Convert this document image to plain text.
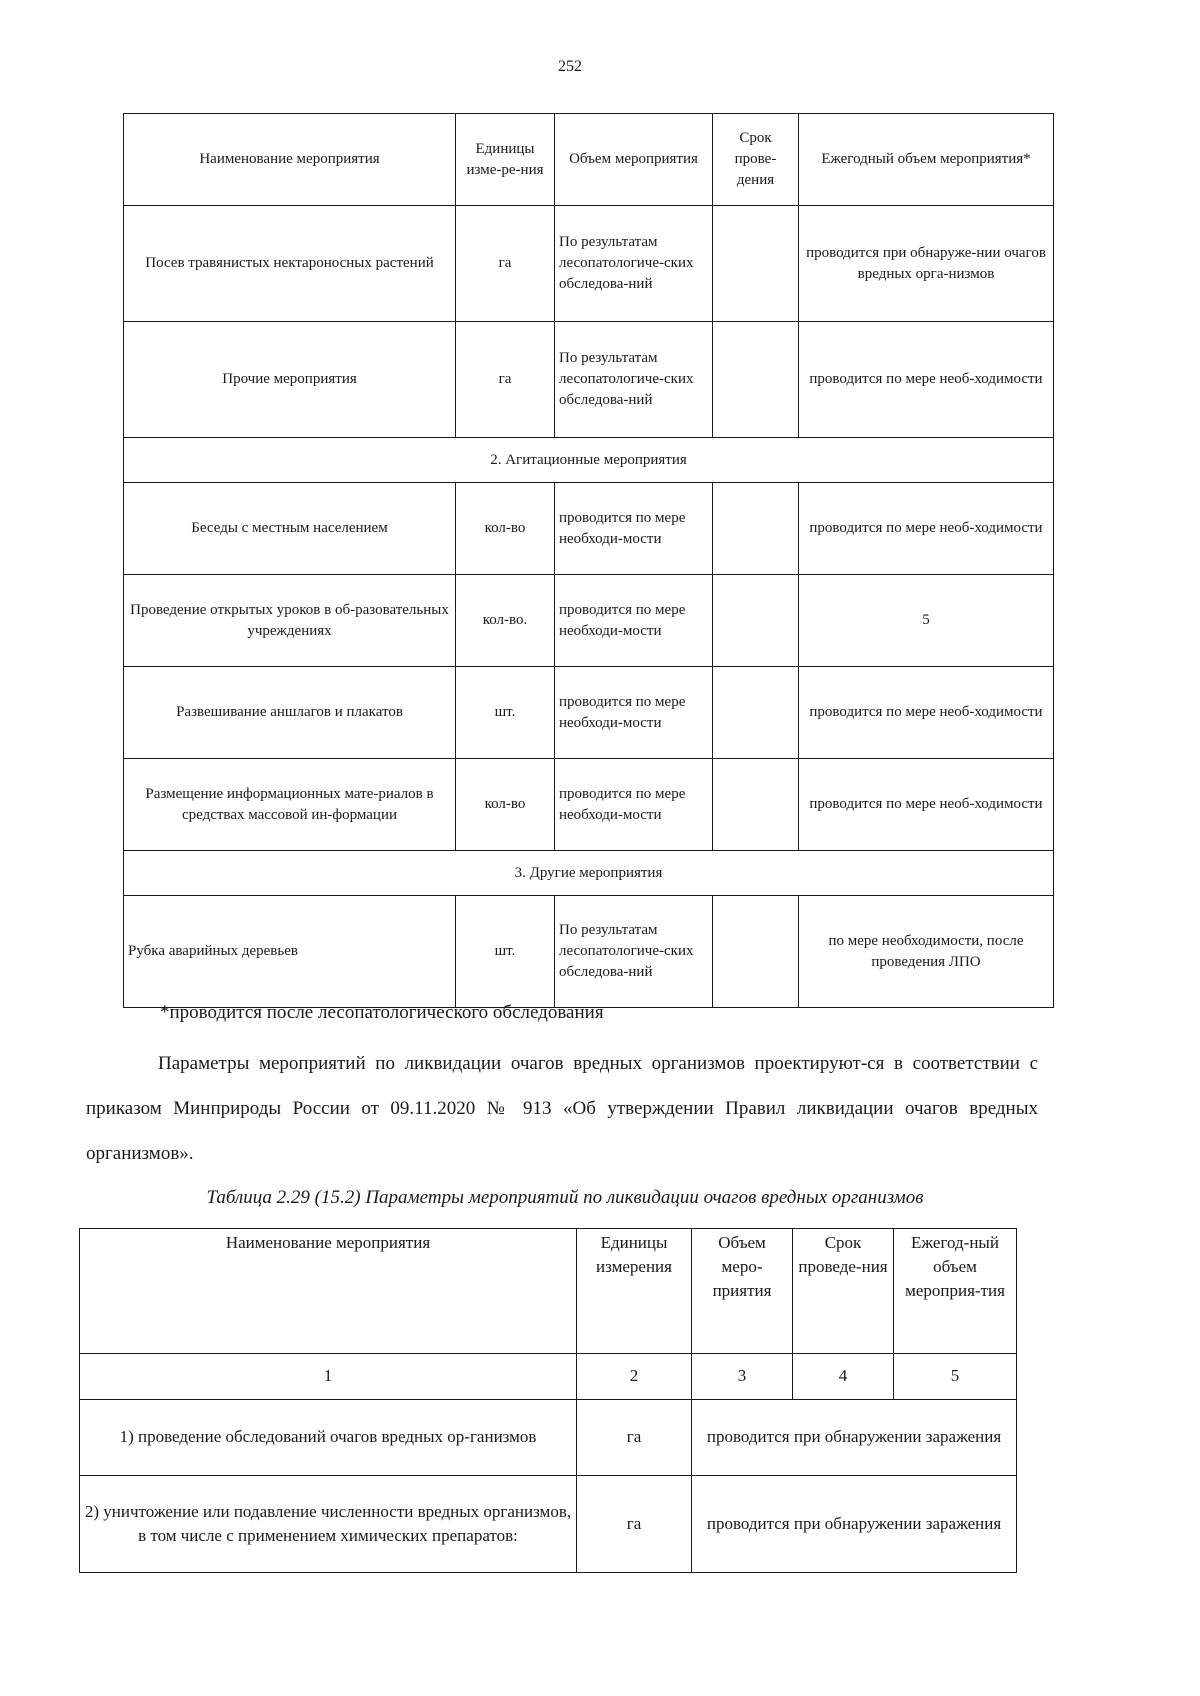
252
Наименование мероприятия	Единицы изме-ре-ния	Объем мероприятия	Срок прове-дения	Ежегодный объем мероприятия*
Посев травянистых нектароносных растений	га	По результатам лесопатологиче-ских обследова-ний		проводится при обнаруже-нии очагов вредных орга-низмов
Прочие мероприятия	га	По результатам лесопатологиче-ских обследова-ний		проводится по мере необ-ходимости
2. Агитационные мероприятия				
Беседы с местным населением	кол-во	проводится по мере необходи-мости		проводится по мере необ-ходимости
Проведение открытых уроков в об-разовательных учреждениях	кол-во.	проводится по мере необходи-мости		5
Развешивание аншлагов и плакатов	шт.	проводится по мере необходи-мости		проводится по мере необ-ходимости
Размещение информационных мате-риалов в средствах массовой ин-формации	кол-во	проводится по мере необходи-мости		проводится по мере необ-ходимости
3. Другие мероприятия				
Рубка аварийных деревьев	шт.	По результатам лесопатологиче-ских обследова-ний		по мере необходимости, после проведения ЛПО
*проводится после лесопатологического обследования
Параметры мероприятий по ликвидации очагов вредных организмов проектируют-ся в соответствии с приказом Минприроды России от 09.11.2020 № 913 «Об утверждении Правил ликвидации очагов вредных организмов».
Таблица 2.29 (15.2) Параметры мероприятий по ликвидации очагов вредных организмов
Наименование мероприятия	Единицы измерения	Объем меро-приятия	Срок проведе-ния	Ежегод-ный объем мероприя-тия
1	2	3	4	5
1) проведение обследований очагов вредных ор-ганизмов	га	проводится при обнаружении заражения		
2) уничтожение или подавление численности вредных организмов, в том числе с применением химических препаратов:	га	проводится при обнаружении заражения		
